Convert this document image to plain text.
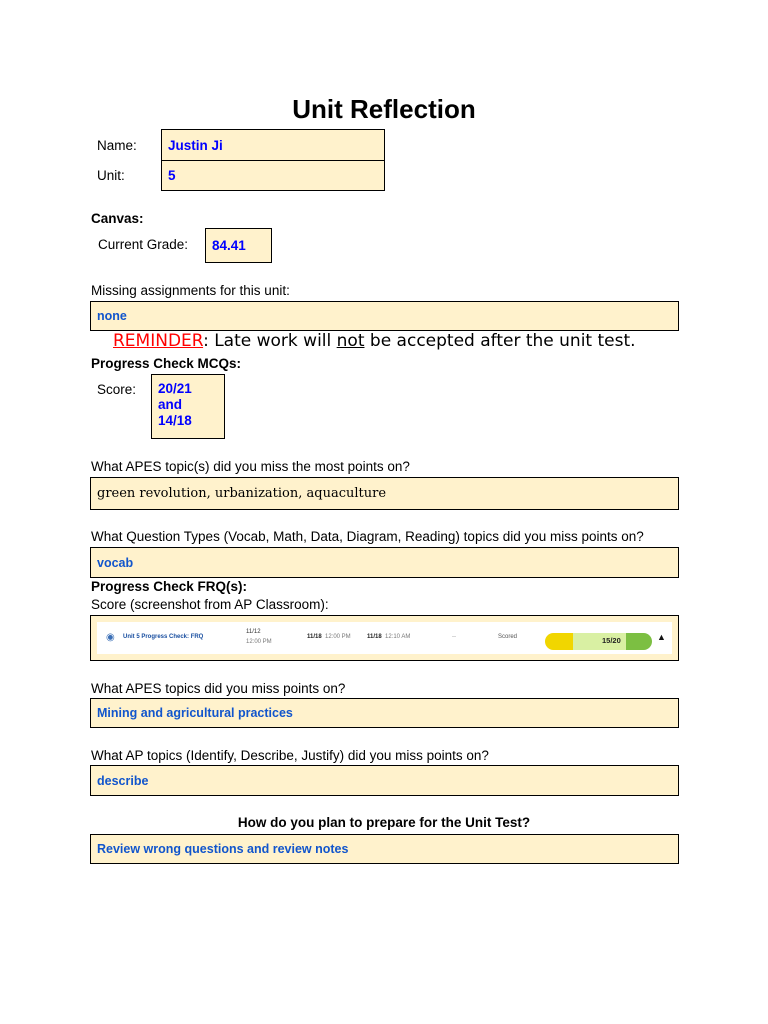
Unit Reflection
Name: Justin Ji
Unit:	5
Canvas:
Current Grade: 84.41
Missing assignments for this unit:
none
REMINDER: Late work will not be accepted after the unit test.
Progress Check MCQs:
Score: 20/21
and
14/18
What APES topic(s) did you miss the most points on?
green revolution, urbanization, aquaculture
What Question Types (Vocab, Math, Data, Diagram, Reading) topics did you miss points on?
vocab
Progress Check FRQ(s):
Score (screenshot from AP Classroom):
◉ Unit 5 Progress Check: FRQ
11/12
12:00 PM
11/18 12:00 PM	11/18 12:10 AM	--	Scored	15/20	▲
What APES topics did you miss points on?
Mining and agricultural practices
What AP topics (Identify, Describe, Justify) did you miss points on?
describe
How do you plan to prepare for the Unit Test?
Review wrong questions and review notes
